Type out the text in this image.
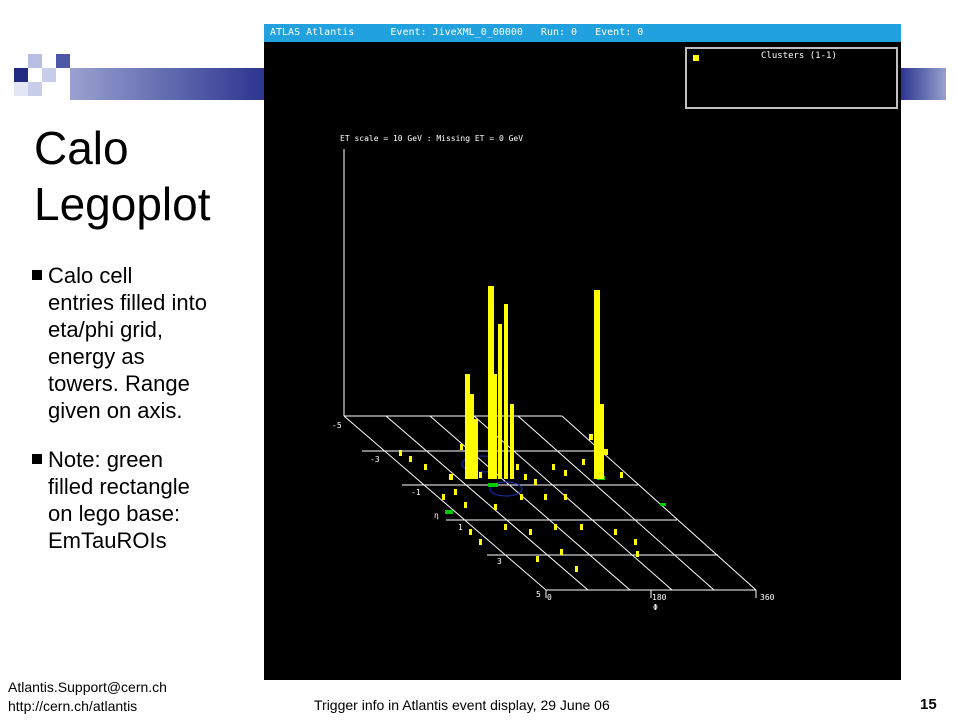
Calo
Legoplot
Calo cell
entries filled into
eta/phi grid,
energy as
towers. Range
given on axis.
Note: green
filled rectangle
on lego base:
EmTauROIs
ATLAS Atlantis      Event: JiveXML_0_00000   Run: 0   Event: 0
Clusters (1-1)
ET scale = 10 GeV : Missing ET = 0 GeV
-5
-3
-1
η
1
3
5 0	180	360
Φ
Atlantis.Support@cern.ch
http://cern.ch/atlantis	Trigger info in Atlantis event display, 29 June 06	15
